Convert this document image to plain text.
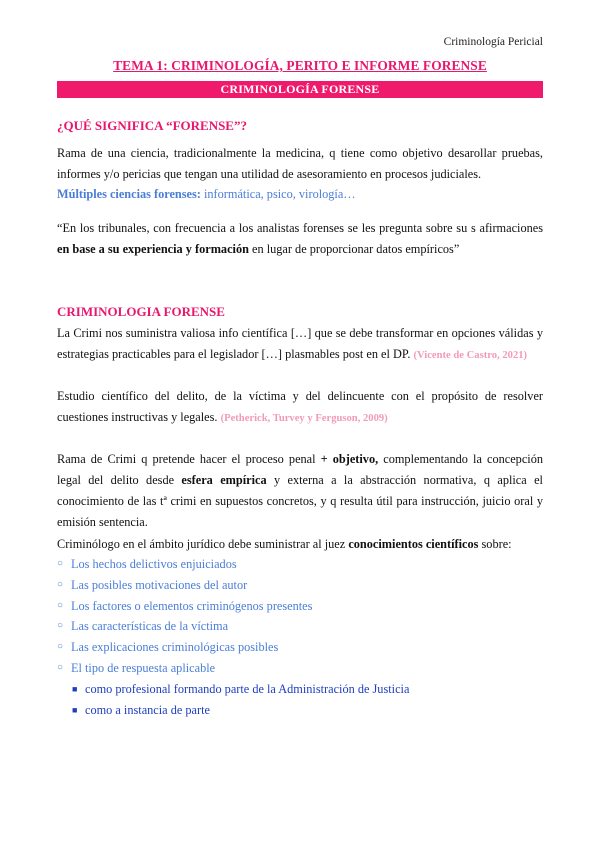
Criminología Pericial
TEMA 1: CRIMINOLOGÍA, PERITO E INFORME FORENSE
CRIMINOLOGÍA FORENSE
¿QUÉ SIGNIFICA “FORENSE”?
Rama de una ciencia, tradicionalmente la medicina, q tiene como objetivo desarollar pruebas, informes y/o pericias que tengan una utilidad de asesoramiento en procesos judiciales.
Múltiples ciencias forenses: informática, psico, virología…
“En los tribunales, con frecuencia a los analistas forenses se les pregunta sobre su s afirmaciones en base a su experiencia y formación en lugar de proporcionar datos empíricos”
CRIMINOLOGIA FORENSE
La Crimi nos suministra valiosa info científica […] que se debe transformar en opciones válidas y estrategias practicables para el legislador […] plasmables post en el DP. (Vicente de Castro, 2021)
Estudio científico del delito, de la víctima y del delincuente con el propósito de resolver cuestiones instructivas y legales. (Petherick, Turvey y Ferguson, 2009)
Rama de Crimi q pretende hacer el proceso penal + objetivo, complementando la concepción legal del delito desde esfera empírica y externa a la abstracción normativa, q aplica el conocimiento de las tª crimi en supuestos concretos, y q resulta útil para instrucción, juicio oral y emisión sentencia.
Criminólogo en el ámbito jurídico debe suministrar al juez conocimientos científicos sobre:
○ Los hechos delictivos enjuiciados
○ Las posibles motivaciones del autor
○ Los factores o elementos criminógenos presentes
○ Las características de la víctima
○ Las explicaciones criminológicas posibles
○ El tipo de respuesta aplicable
■ como profesional formando parte de la Administración de Justicia
■ como a instancia de parte
